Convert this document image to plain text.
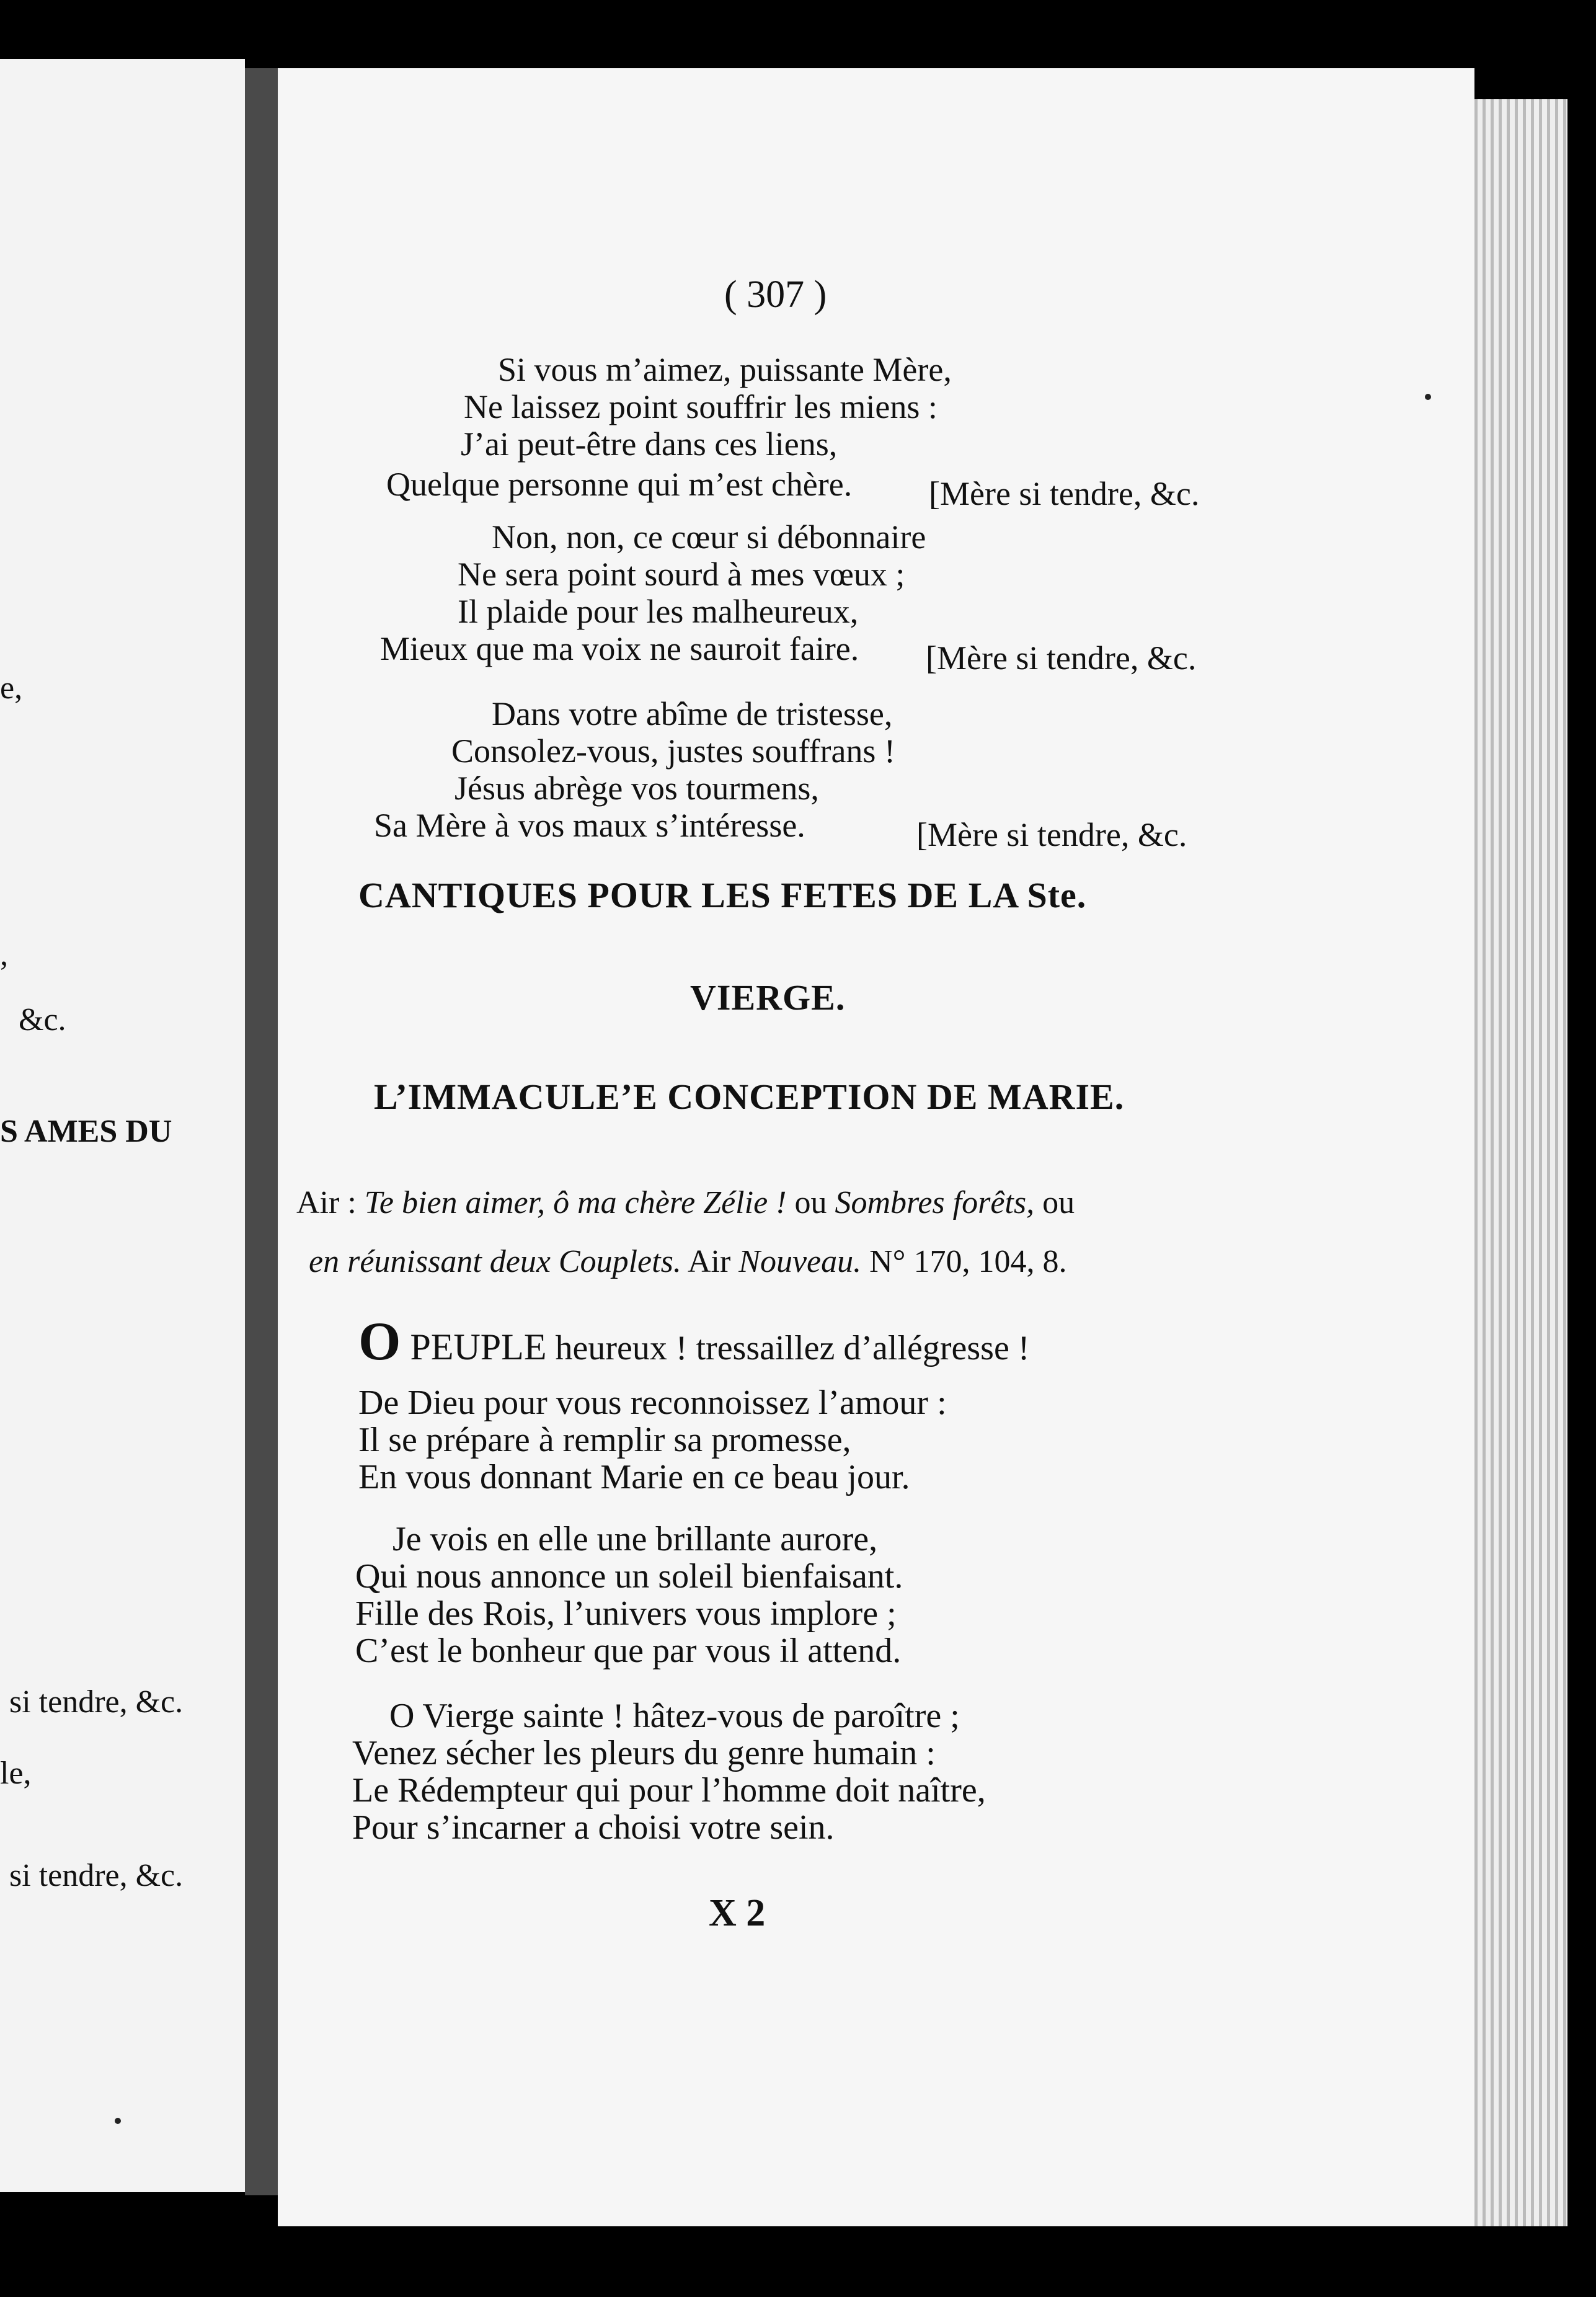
e,
,
&c.
S AMES DU
si tendre, &c.
le,
si tendre, &c.
( 307 )
Si vous m’aimez, puissante Mère,
Ne laissez point souffrir les miens :
J’ai peut-être dans ces liens,
Quelque personne qui m’est chère. [Mère si tendre, &c.
Non, non, ce cœur si débonnaire
Ne sera point sourd à mes vœux ;
Il plaide pour les malheureux,
Mieux que ma voix ne sauroit faire. [Mère si tendre, &c.
Dans votre abîme de tristesse,
Consolez-vous, justes souffrans !
Jésus abrège vos tourmens,
Sa Mère à vos maux s’intéresse.	[Mère si tendre, &c.
CANTIQUES POUR LES FETES DE LA Ste.
VIERGE.
L’IMMACULE’E CONCEPTION DE MARIE.
Air : Te bien aimer, ô ma chère Zélie ! ou Sombres forêts, ou
en réunissant deux Couplets. Air Nouveau. N° 170, 104, 8.
O PEUPLE heureux ! tressaillez d’allégresse !
De Dieu pour vous reconnoissez l’amour :
Il se prépare à remplir sa promesse,
En vous donnant Marie en ce beau jour.
Je vois en elle une brillante aurore,
Qui nous annonce un soleil bienfaisant.
Fille des Rois, l’univers vous implore ;
C’est le bonheur que par vous il attend.
O Vierge sainte ! hâtez-vous de paroître ;
Venez sécher les pleurs du genre humain :
Le Rédempteur qui pour l’homme doit naître,
Pour s’incarner a choisi votre sein.
X 2
